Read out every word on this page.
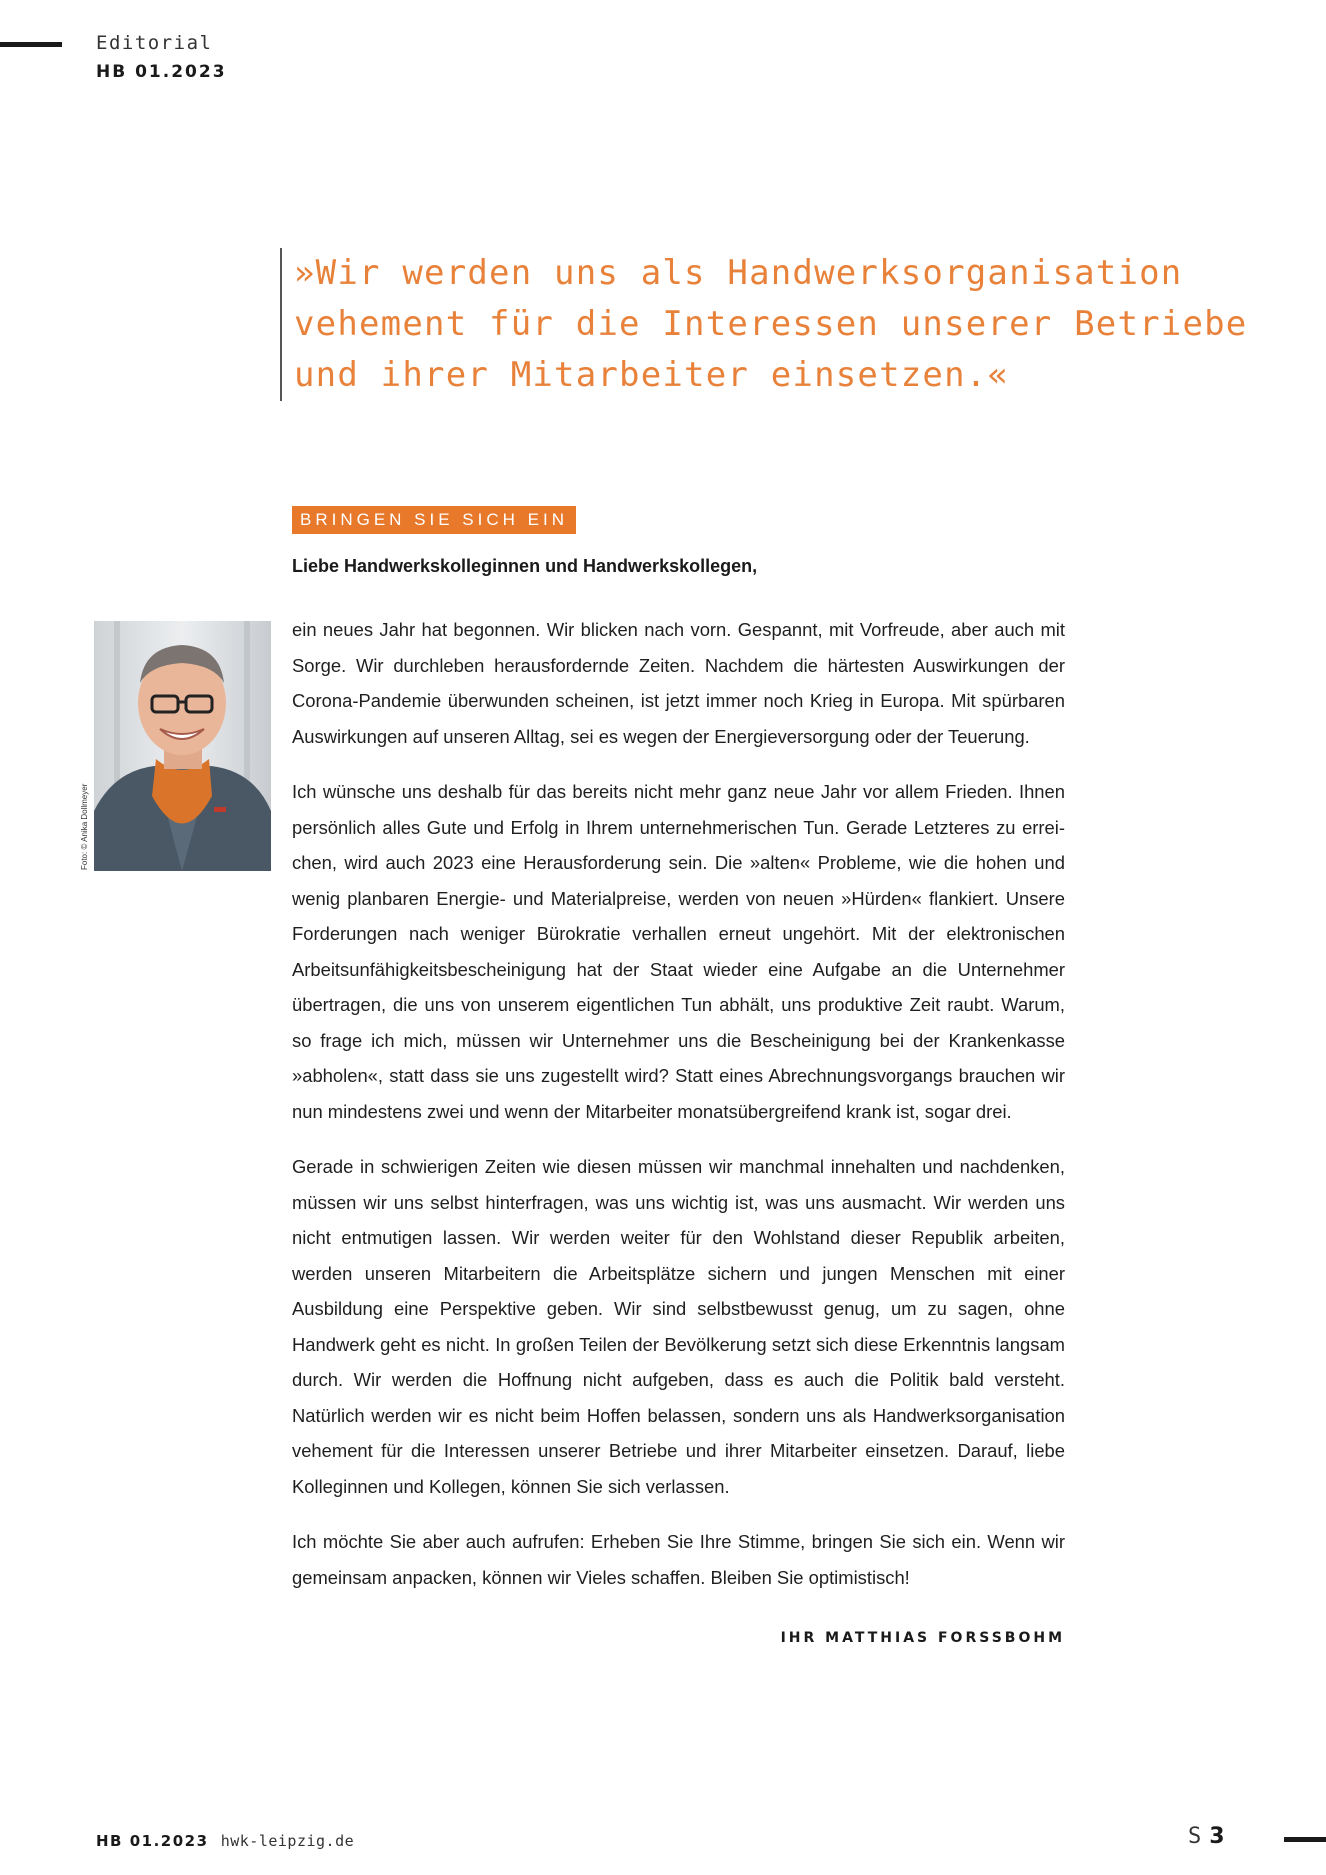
Editorial
HB 01.2023

»Wir werden uns als Handwerksorganisation

vehement für die Interessen unserer Betriebe

und ihrer Mitarbeiter einsetzen.«

BRINGEN SIE SICH EIN
Liebe Handwerkskolleginnen und Handwerkskollegen,
Foto: © Anika Dollmeyer

ein neues Jahr hat begonnen. Wir blicken nach vorn. Gespannt, mit Vorfreude, aber auch mit Sorge. Wir durchleben herausfordernde Zeiten. Nachdem die härtesten Auswirkungen der Corona-Pandemie überwunden scheinen, ist jetzt immer noch Krieg in Europa. Mit spürbaren Auswirkungen auf unseren Alltag, sei es wegen der Energieversorgung oder der Teuerung.

Ich wünsche uns deshalb für das bereits nicht mehr ganz neue Jahr vor allem Frieden. Ihnen persönlich alles Gute und Erfolg in Ihrem unternehmerischen Tun. Gerade Letzteres zu errei-chen, wird auch 2023 eine Herausforderung sein. Die »alten« Probleme, wie die hohen und wenig planbaren Energie- und Materialpreise, werden von neuen »Hürden« flankiert. Unsere Forderungen nach weniger Bürokratie verhallen erneut ungehört. Mit der elektronischen Arbeitsunfähigkeitsbescheinigung hat der Staat wieder eine Aufgabe an die Unternehmer übertragen, die uns von unserem eigentlichen Tun abhält, uns produktive Zeit raubt. Warum, so frage ich mich, müssen wir Unternehmer uns die Bescheinigung bei der Krankenkasse »abholen«, statt dass sie uns zugestellt wird? Statt eines Abrechnungsvorgangs brauchen wir nun mindestens zwei und wenn der Mitarbeiter monatsübergreifend krank ist, sogar drei.

Gerade in schwierigen Zeiten wie diesen müssen wir manchmal innehalten und nachdenken, müssen wir uns selbst hinterfragen, was uns wichtig ist, was uns ausmacht. Wir werden uns nicht entmutigen lassen. Wir werden weiter für den Wohlstand dieser Republik arbeiten, werden unseren Mitarbeitern die Arbeitsplätze sichern und jungen Menschen mit einer Ausbildung eine Perspektive geben. Wir sind selbstbewusst genug, um zu sagen, ohne Handwerk geht es nicht. In großen Teilen der Bevölkerung setzt sich diese Erkenntnis langsam durch. Wir werden die Hoffnung nicht aufgeben, dass es auch die Politik bald versteht. Natürlich werden wir es nicht beim Hoffen belassen, sondern uns als Handwerksorganisation vehement für die Interessen unserer Betriebe und ihrer Mitarbeiter einsetzen. Darauf, liebe Kolleginnen und Kollegen, können Sie sich verlassen.

Ich möchte Sie aber auch aufrufen: Erheben Sie Ihre Stimme, bringen Sie sich ein. Wenn wir gemeinsam anpacken, können wir Vieles schaffen. Bleiben Sie optimistisch!

IHR MATTHIAS FORSSBOHM
HB 01.2023 hwk-leipzig.de	S 3
